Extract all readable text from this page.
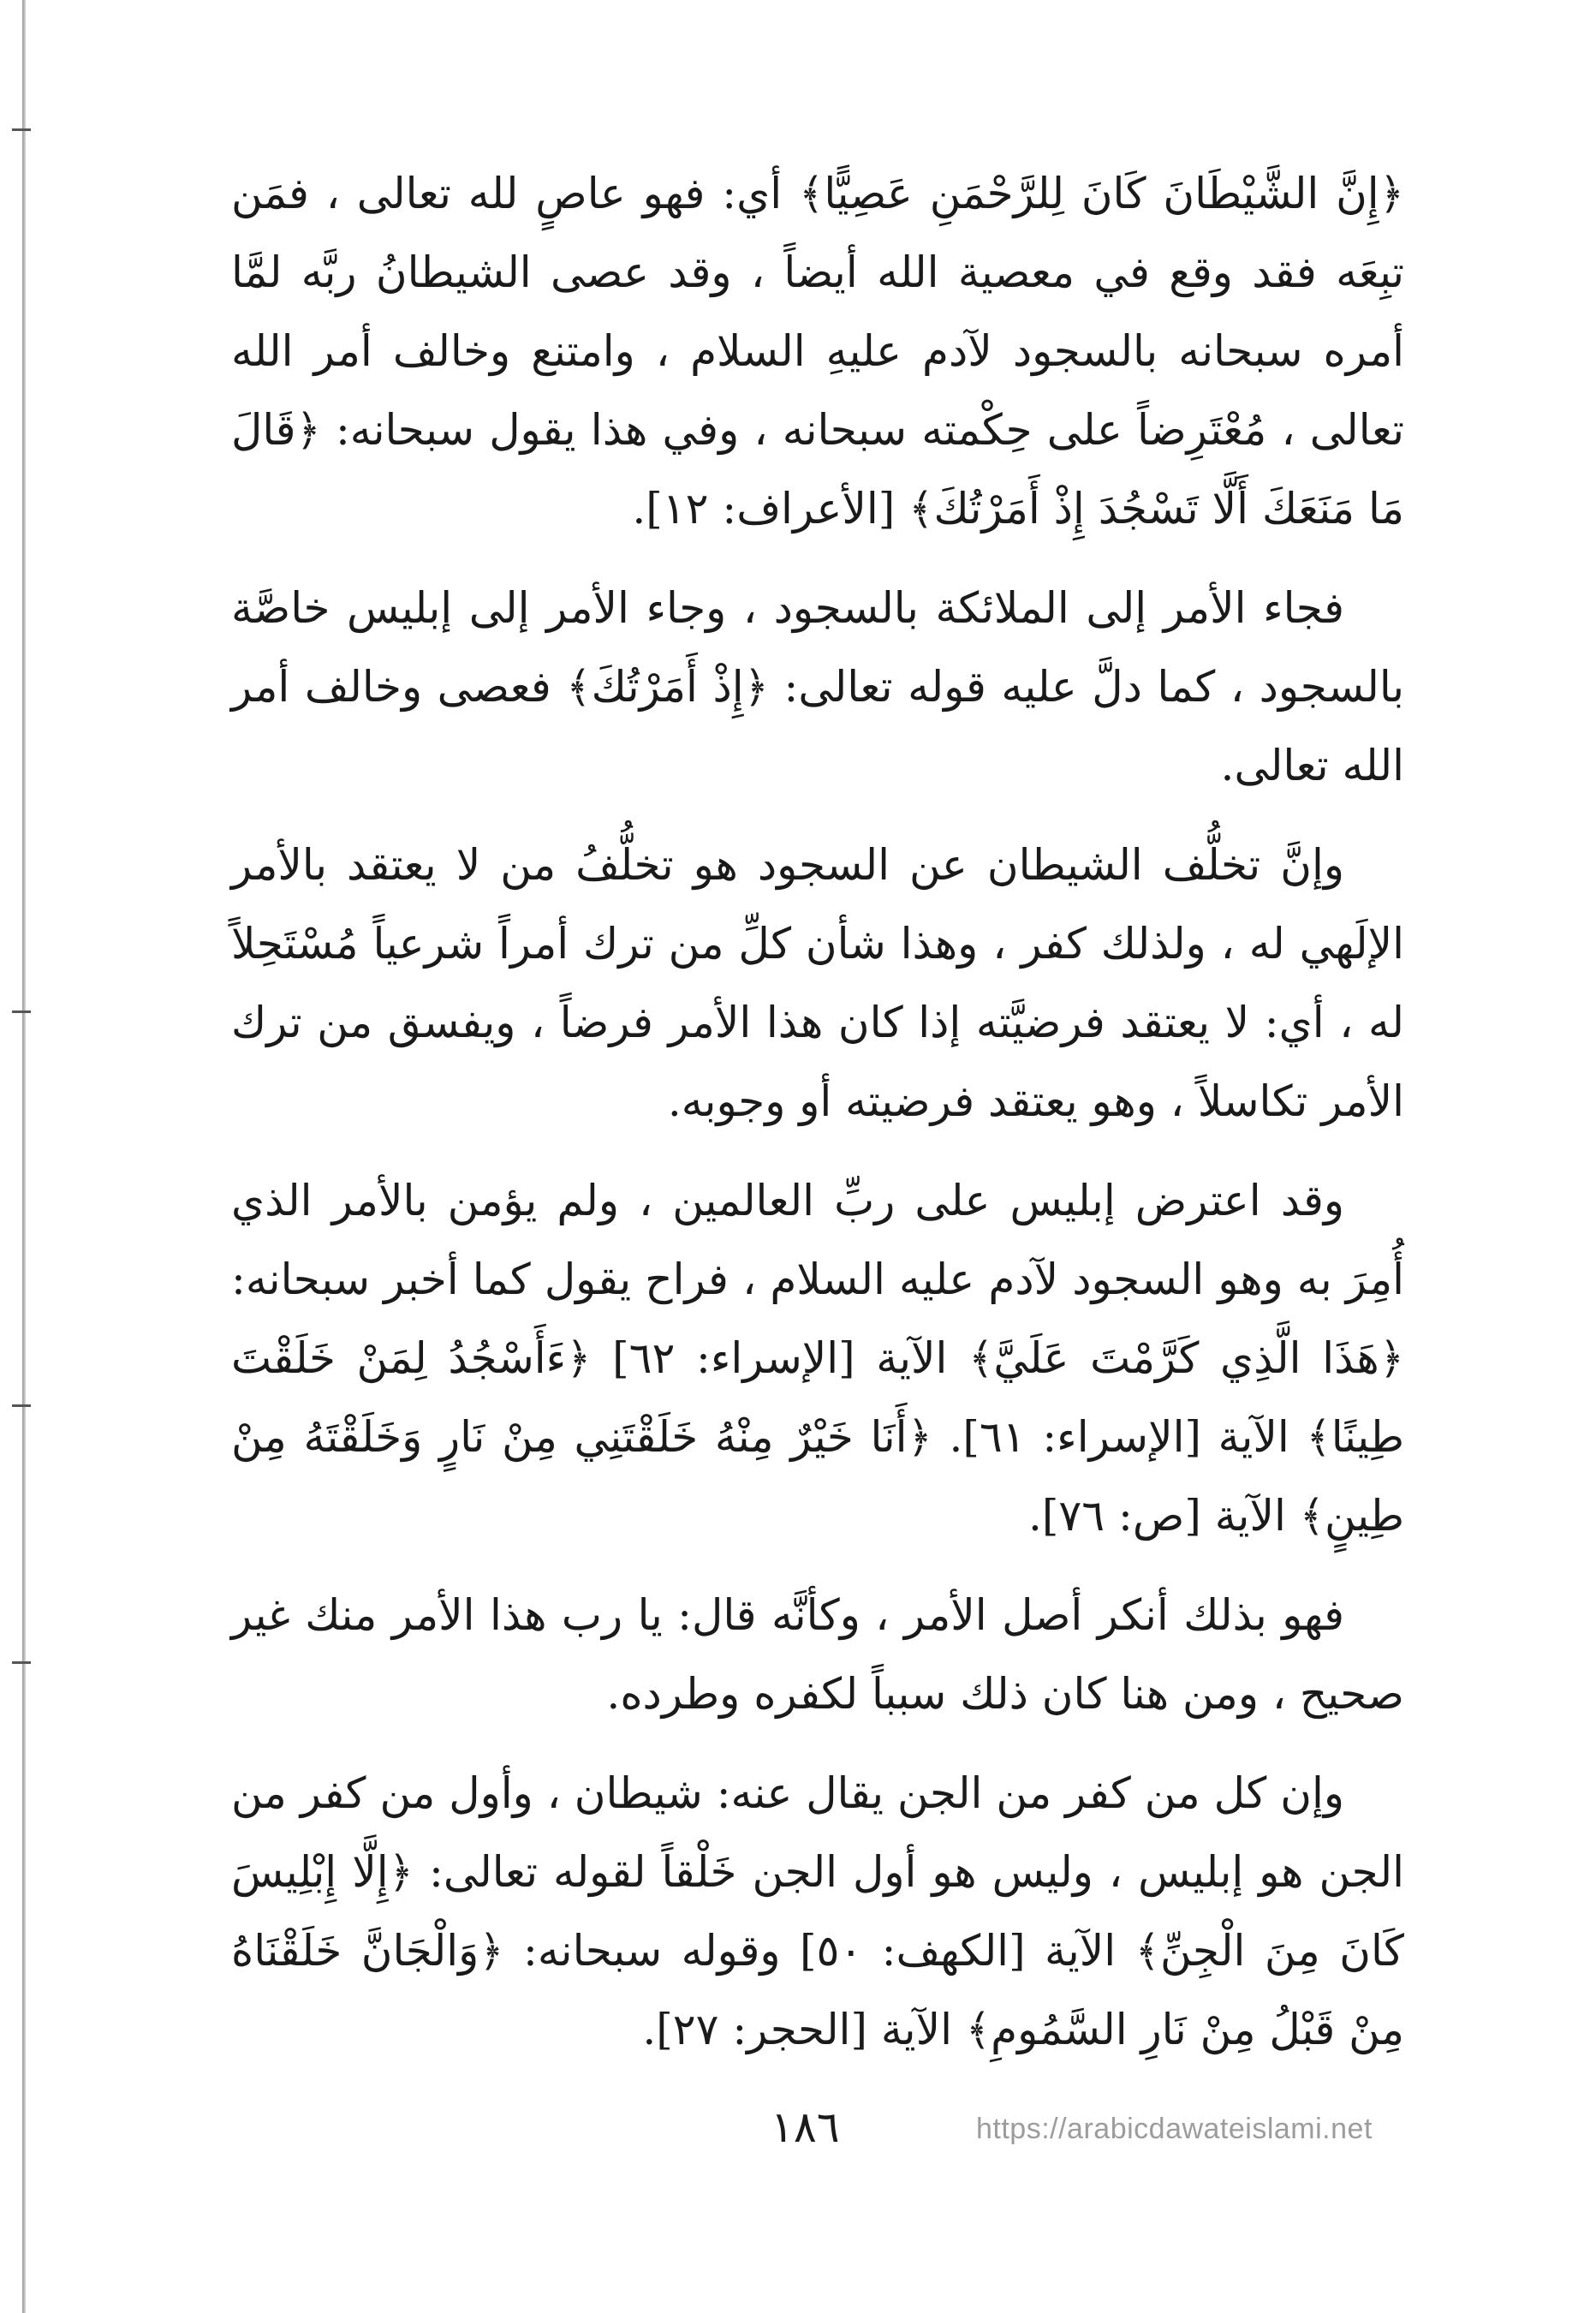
﴿إِنَّ الشَّيْطَانَ كَانَ لِلرَّحْمَنِ عَصِيًّا﴾ أي: فهو عاصٍ لله تعالى ، فمَن تبِعَه فقد وقع في معصية الله أيضاً ، وقد عصى الشيطانُ ربَّه لمَّا أمره سبحانه بالسجود لآدم عليهِ السلام ، وامتنع وخالف أمر الله تعالى ، مُعْتَرِضاً على حِكْمته سبحانه ، وفي هذا يقول سبحانه: ﴿قَالَ مَا مَنَعَكَ أَلَّا تَسْجُدَ إِذْ أَمَرْتُكَ﴾ [الأعراف: ١٢].

فجاء الأمر إلى الملائكة بالسجود ، وجاء الأمر إلى إبليس خاصَّة بالسجود ، كما دلَّ عليه قوله تعالى: ﴿إِذْ أَمَرْتُكَ﴾ فعصى وخالف أمر الله تعالى.

وإنَّ تخلُّف الشيطان عن السجود هو تخلُّفُ من لا يعتقد بالأمر الإلَهي له ، ولذلك كفر ، وهذا شأن كلِّ من ترك أمراً شرعياً مُسْتَحِلاً له ، أي: لا يعتقد فرضيَّته إذا كان هذا الأمر فرضاً ، ويفسق من ترك الأمر تكاسلاً ، وهو يعتقد فرضيته أو وجوبه.

وقد اعترض إبليس على ربِّ العالمين ، ولم يؤمن بالأمر الذي أُمِرَ به وهو السجود لآدم عليه السلام ، فراح يقول كما أخبر سبحانه: ﴿هَذَا الَّذِي كَرَّمْتَ عَلَيَّ﴾ الآية [الإسراء: ٦٢] ﴿ءَأَسْجُدُ لِمَنْ خَلَقْتَ طِينًا﴾ الآية [الإسراء: ٦١]. ﴿أَنَا خَيْرٌ مِنْهُ خَلَقْتَنِي مِنْ نَارٍ وَخَلَقْتَهُ مِنْ طِينٍ﴾ الآية [ص: ٧٦].

فهو بذلك أنكر أصل الأمر ، وكأنَّه قال: يا رب هذا الأمر منك غير صحيح ، ومن هنا كان ذلك سبباً لكفره وطرده.

وإن كل من كفر من الجن يقال عنه: شيطان ، وأول من كفر من الجن هو إبليس ، وليس هو أول الجن خَلْقاً لقوله تعالى: ﴿إِلَّا إِبْلِيسَ كَانَ مِنَ الْجِنِّ﴾ الآية [الكهف: ٥٠] وقوله سبحانه: ﴿وَالْجَانَّ خَلَقْنَاهُ مِنْ قَبْلُ مِنْ نَارِ السَّمُومِ﴾ الآية [الحجر: ٢٧].

١٨٦	https://arabicdawateislami.net
